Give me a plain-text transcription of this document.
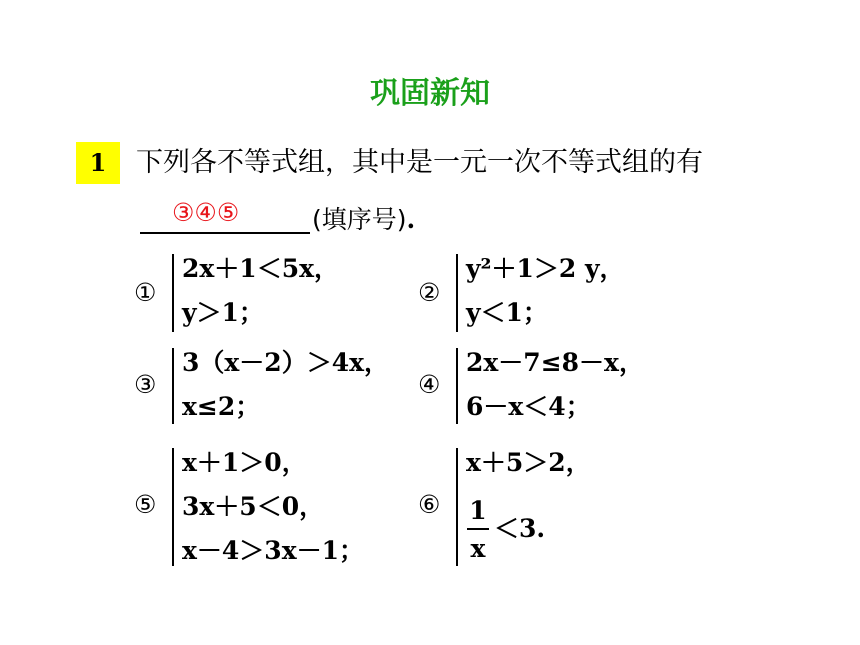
巩固新知
1	下列各不等式组，其中是一元一次不等式组的有
③④⑤	(填序号).
①
2x＋1＜5x，
y＞1；
②
y²＋1＞2 y，
y＜1；
③
3（x－2）＞4x，
x≤2；
④
2x－7≤8－x，
6－x＜4；
⑤
x＋1＞0，
3x＋5＜0，
x－4＞3x－1；
⑥
x＋5＞2，
1
x
＜3.
